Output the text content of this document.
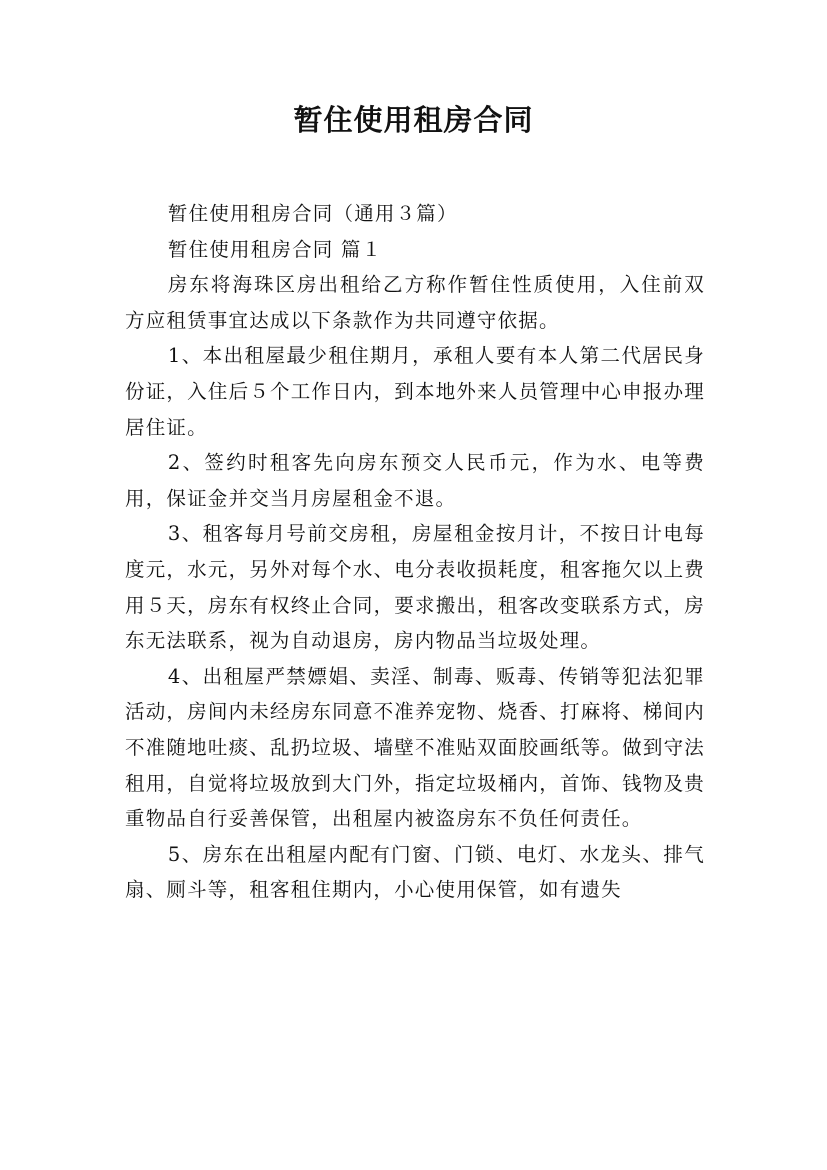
暂住使用租房合同

暂住使用租房合同（通用３篇）

暂住使用租房合同 篇１

房东将海珠区房出租给乙方称作暂住性质使用，入住前双方应租赁事宜达成以下条款作为共同遵守依据。

1、本出租屋最少租住期月，承租人要有本人第二代居民身份证，入住后５个工作日内，到本地外来人员管理中心申报办理居住证。

2、签约时租客先向房东预交人民币元，作为水、电等费用，保证金并交当月房屋租金不退。

3、租客每月号前交房租，房屋租金按月计，不按日计电每度元，水元，另外对每个水、电分表收损耗度，租客拖欠以上费用５天，房东有权终止合同，要求搬出，租客改变联系方式，房东无法联系，视为自动退房，房内物品当垃圾处理。

4、出租屋严禁嫖娼、卖淫、制毒、贩毒、传销等犯法犯罪活动，房间内未经房东同意不准养宠物、烧香、打麻将、梯间内不准随地吐痰、乱扔垃圾、墙壁不准贴双面胶画纸等。做到守法租用，自觉将垃圾放到大门外，指定垃圾桶内，首饰、钱物及贵重物品自行妥善保管，出租屋内被盗房东不负任何责任。

5、房东在出租屋内配有门窗、门锁、电灯、水龙头、排气扇、厕斗等，租客租住期内，小心使用保管，如有遗失
